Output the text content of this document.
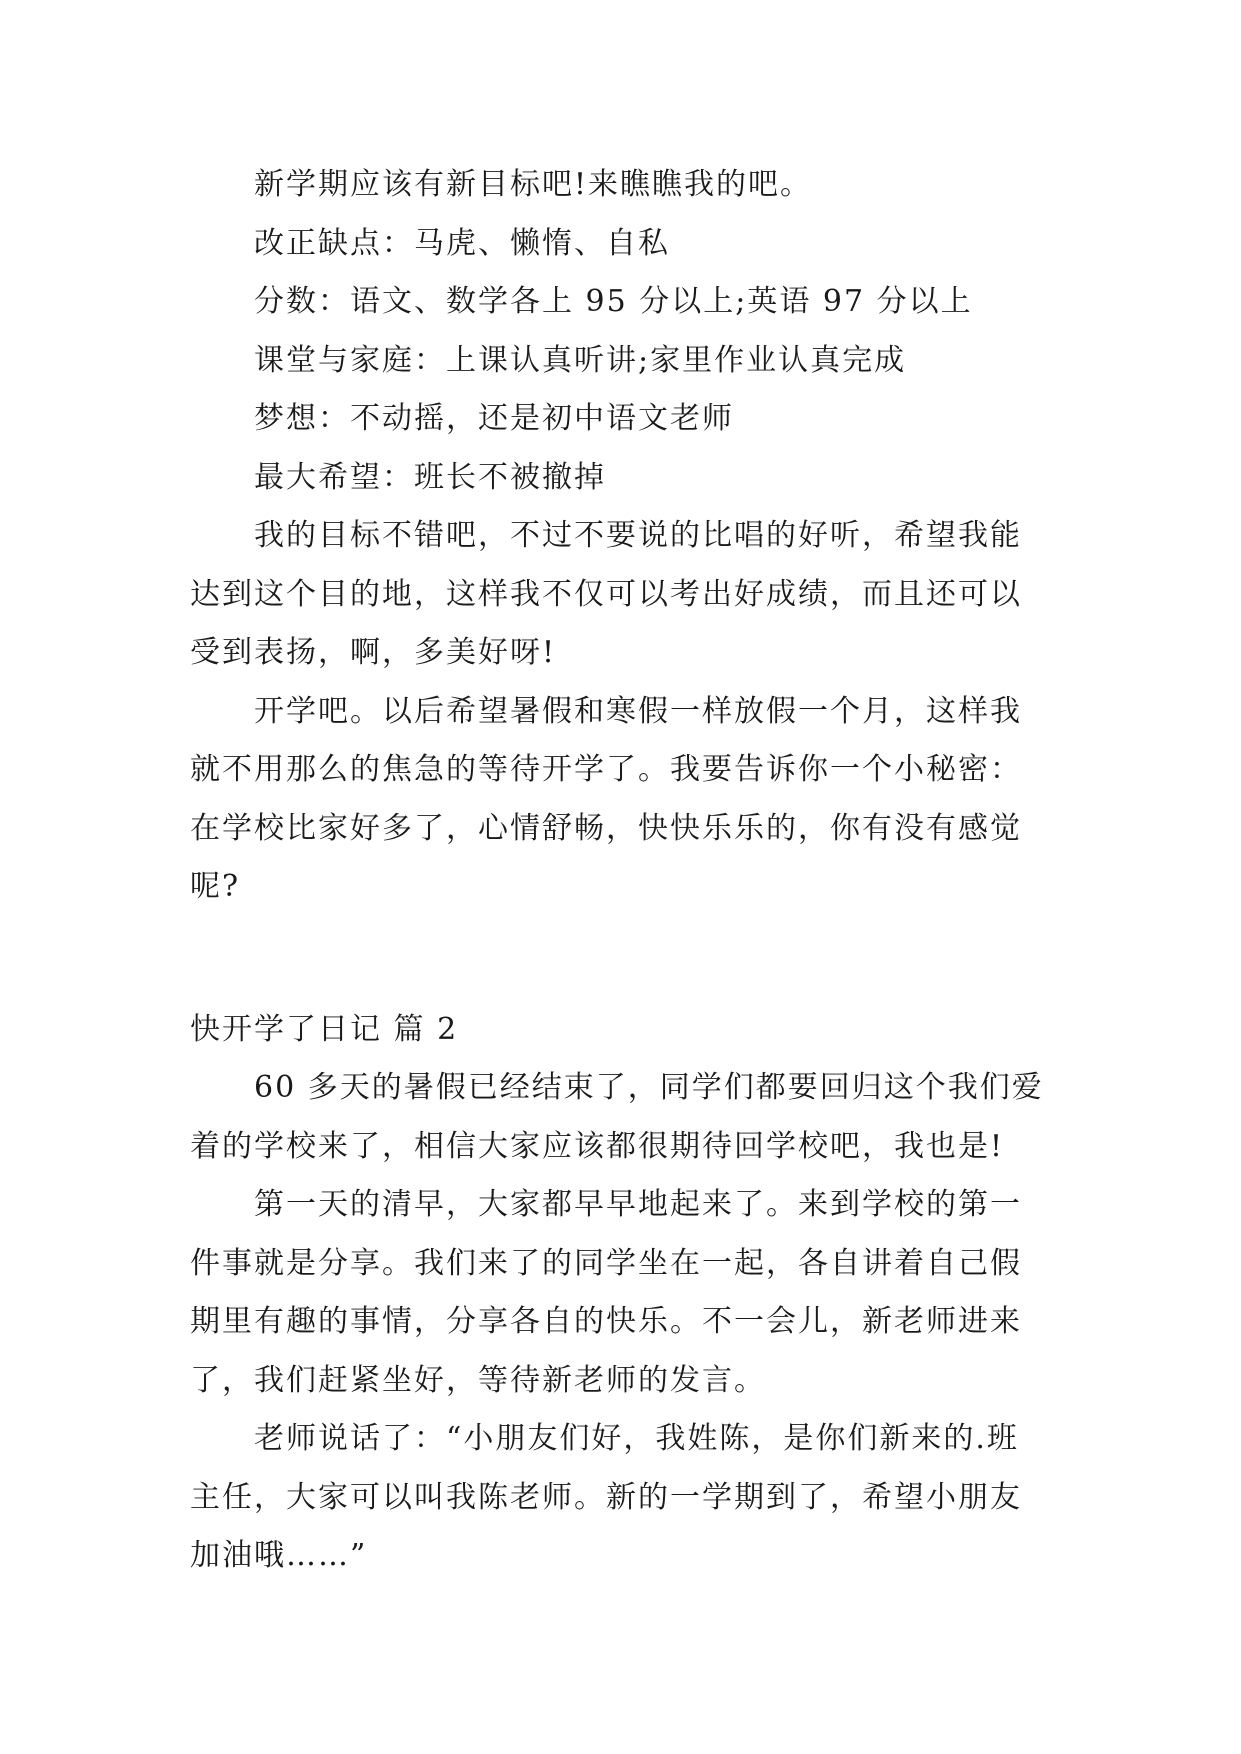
新学期应该有新目标吧!来瞧瞧我的吧。
改正缺点：马虎、懒惰、自私
分数：语文、数学各上 95 分以上;英语 97 分以上
课堂与家庭：上课认真听讲;家里作业认真完成
梦想：不动摇，还是初中语文老师
最大希望：班长不被撤掉
我的目标不错吧，不过不要说的比唱的好听，希望我能
达到这个目的地，这样我不仅可以考出好成绩，而且还可以
受到表扬，啊，多美好呀!
开学吧。以后希望暑假和寒假一样放假一个月，这样我
就不用那么的焦急的等待开学了。我要告诉你一个小秘密：
在学校比家好多了，心情舒畅，快快乐乐的，你有没有感觉
呢?
快开学了日记 篇 2
60 多天的暑假已经结束了，同学们都要回归这个我们爱
着的学校来了，相信大家应该都很期待回学校吧，我也是!
第一天的清早，大家都早早地起来了。来到学校的第一
件事就是分享。我们来了的同学坐在一起，各自讲着自己假
期里有趣的事情，分享各自的快乐。不一会儿，新老师进来
了，我们赶紧坐好，等待新老师的发言。
老师说话了：“小朋友们好，我姓陈，是你们新来的.班
主任，大家可以叫我陈老师。新的一学期到了，希望小朋友
加油哦……”
